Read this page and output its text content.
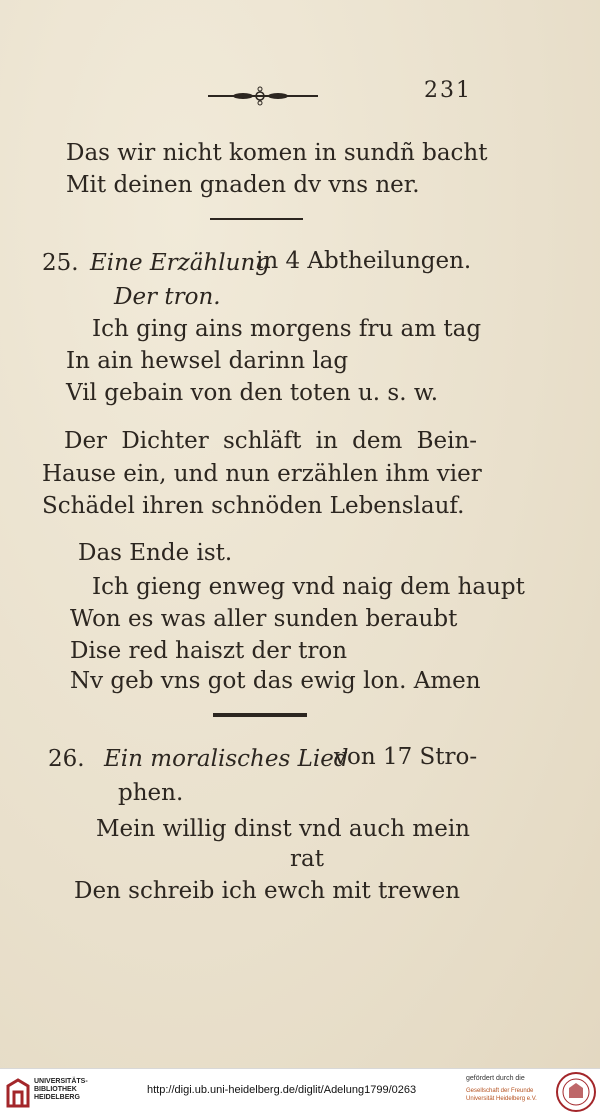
231
Das wir nicht komen in sundñ bacht
Mit deinen gnaden dv vns ner.
25. Eine Erzählung
in 4 Abtheilungen.
Der tron.
Ich ging ains morgens fru am tag
In ain hewsel darinn lag
Vil gebain von den toten u. s. w.
Der Dichter schläft in dem Bein-
Hause ein, und nun erzählen ihm vier
Schädel ihren schnöden Lebenslauf.
Das Ende ist.
Ich gieng enweg vnd naig dem haupt
Won es was aller sunden beraubt
Dise red haiszt der tron
Nv geb vns got das ewig lon. Amen
26. Ein moralisches Lied
von 17 Stro-
phen.
Mein willig dinst vnd auch mein
rat
Den schreib ich ewch mit trewen
UNIVERSITÄTS-
BIBLIOTHEK
HEIDELBERG
http://digi.ub.uni-heidelberg.de/diglit/Adelung1799/0263
gefördert durch die
Gesellschaft der Freunde
Universität Heidelberg e.V.
